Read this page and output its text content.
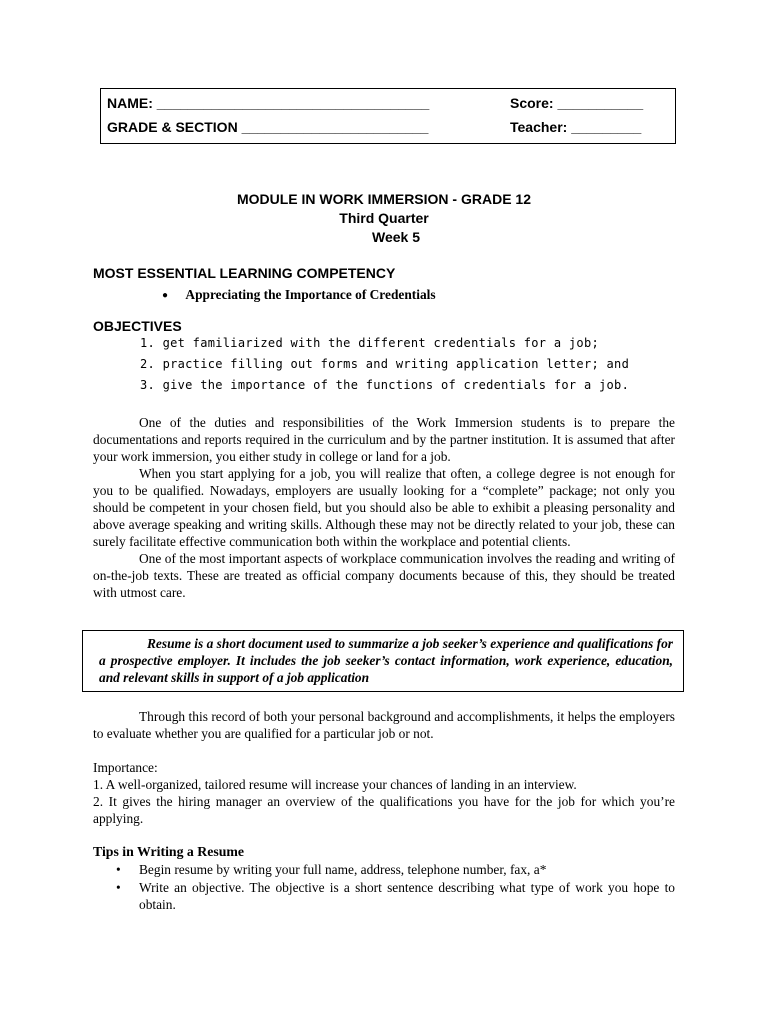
NAME: ___________________________________	Score: ___________
GRADE & SECTION ________________________	Teacher: _________
MODULE IN WORK IMMERSION - GRADE 12
Third Quarter
Week 5
MOST ESSENTIAL LEARNING COMPETENCY
● Appreciating the Importance of Credentials
OBJECTIVES
1. get familiarized with the different credentials for a job;
2. practice filling out forms and writing application letter; and
3. give the importance of the functions of credentials for a job.

One of the duties and responsibilities of the Work Immersion students is to prepare the documentations and reports required in the curriculum and by the partner institution. It is assumed that after your work immersion, you either study in college or land for a job.

When you start applying for a job, you will realize that often, a college degree is not enough for you to be qualified. Nowadays, employers are usually looking for a “complete” package; not only you should be competent in your chosen field, but you should also be able to exhibit a pleasing personality and above average speaking and writing skills. Although these may not be directly related to your job, these can surely facilitate effective communication both within the workplace and potential clients.

One of the most important aspects of workplace communication involves the reading and writing of on-the-job texts. These are treated as official company documents because of this, they should be treated with utmost care.

Resume is a short document used to summarize a job seeker’s experience and qualifications for a prospective employer. It includes the job seeker’s contact information, work experience, education, and relevant skills in support of a job application

Through this record of both your personal background and accomplishments, it helps the employers to evaluate whether you are qualified for a particular job or not.

Importance:
1. A well-organized, tailored resume will increase your chances of landing in an interview.
2. It gives the hiring manager an overview of the qualifications you have for the job for which you’re applying.
Tips in Writing a Resume
• Begin resume by writing your full name, address, telephone number, fax, a*
• Write an objective. The objective is a short sentence describing what type of work you hope to obtain.
